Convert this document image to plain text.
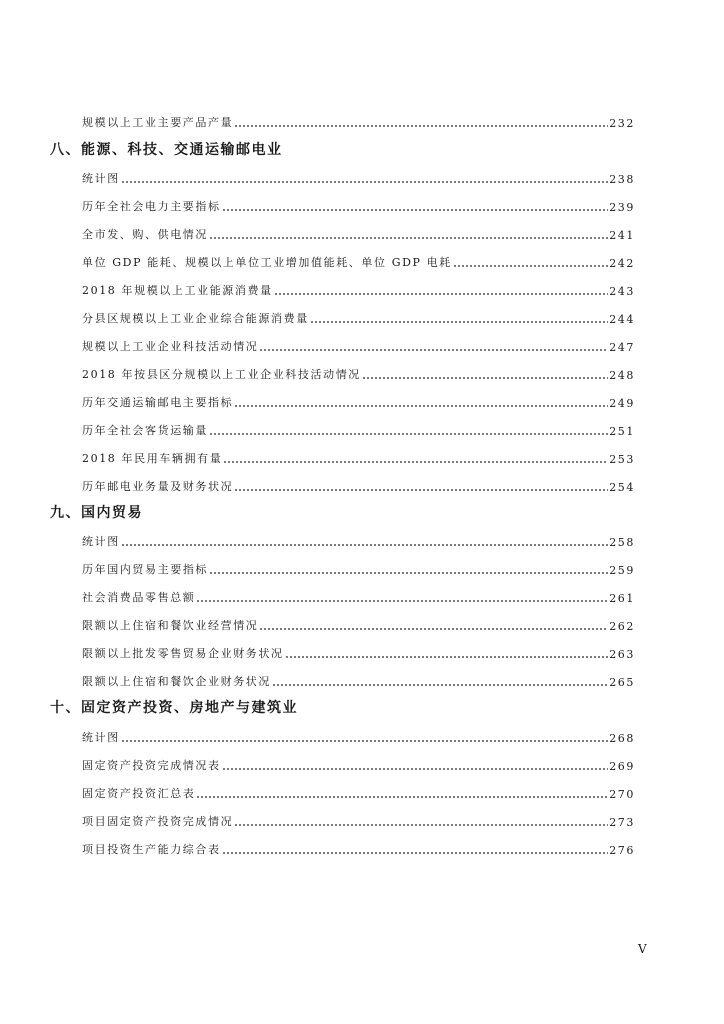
规模以上工业主要产品产量	232
八、能源、科技、交通运输邮电业
统计图	238
历年全社会电力主要指标	239
全市发、购、供电情况	241
单位 GDP 能耗、规模以上单位工业增加值能耗、单位 GDP 电耗	242
2018 年规模以上工业能源消费量	243
分县区规模以上工业企业综合能源消费量	244
规模以上工业企业科技活动情况	247
2018 年按县区分规模以上工业企业科技活动情况	248
历年交通运输邮电主要指标	249
历年全社会客货运输量	251
2018 年民用车辆拥有量	253
历年邮电业务量及财务状况	254
九、国内贸易
统计图	258
历年国内贸易主要指标	259
社会消费品零售总额	261
限额以上住宿和餐饮业经营情况	262
限额以上批发零售贸易企业财务状况	263
限额以上住宿和餐饮企业财务状况	265
十、固定资产投资、房地产与建筑业
统计图	268
固定资产投资完成情况表	269
固定资产投资汇总表	270
项目固定资产投资完成情况	273
项目投资生产能力综合表	276
V
